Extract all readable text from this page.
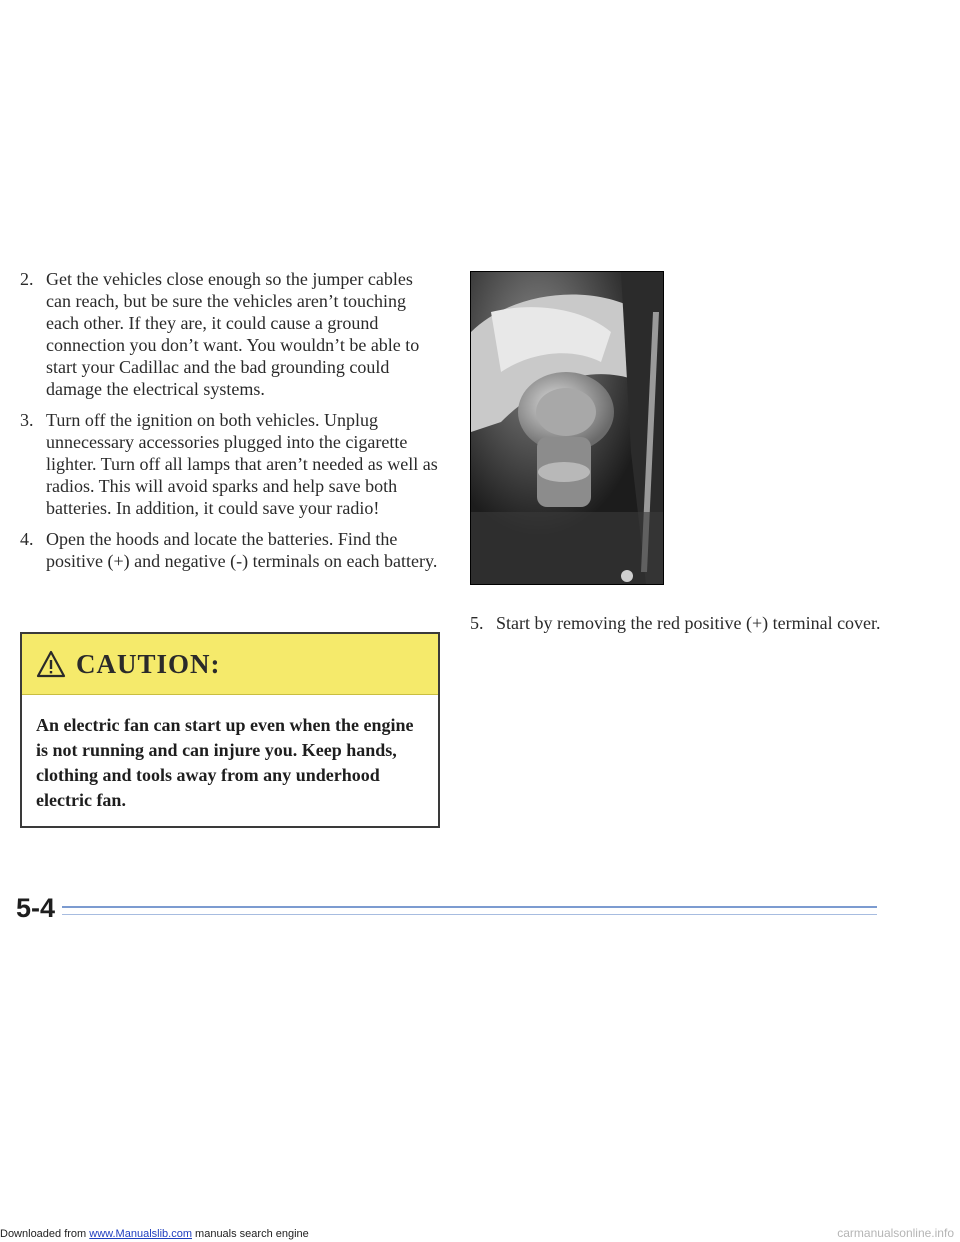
2. Get the vehicles close enough so the jumper cables can reach, but be sure the vehicles aren’t touching each other. If they are, it could cause a ground connection you don’t want. You wouldn’t be able to start your Cadillac and the bad grounding could damage the electrical systems.
3. Turn off the ignition on both vehicles. Unplug unnecessary accessories plugged into the cigarette lighter. Turn off all lamps that aren’t needed as well as radios. This will avoid sparks and help save both batteries. In addition, it could save your radio!
4. Open the hoods and locate the batteries. Find the positive (+) and negative (-) terminals on each battery.
CAUTION:
An electric fan can start up even when the engine is not running and can injure you. Keep hands, clothing and tools away from any underhood electric fan.
5. Start by removing the red positive (+) terminal cover.
5-4
Downloaded from www.Manualslib.com manuals search engine	carmanualsonline.info
